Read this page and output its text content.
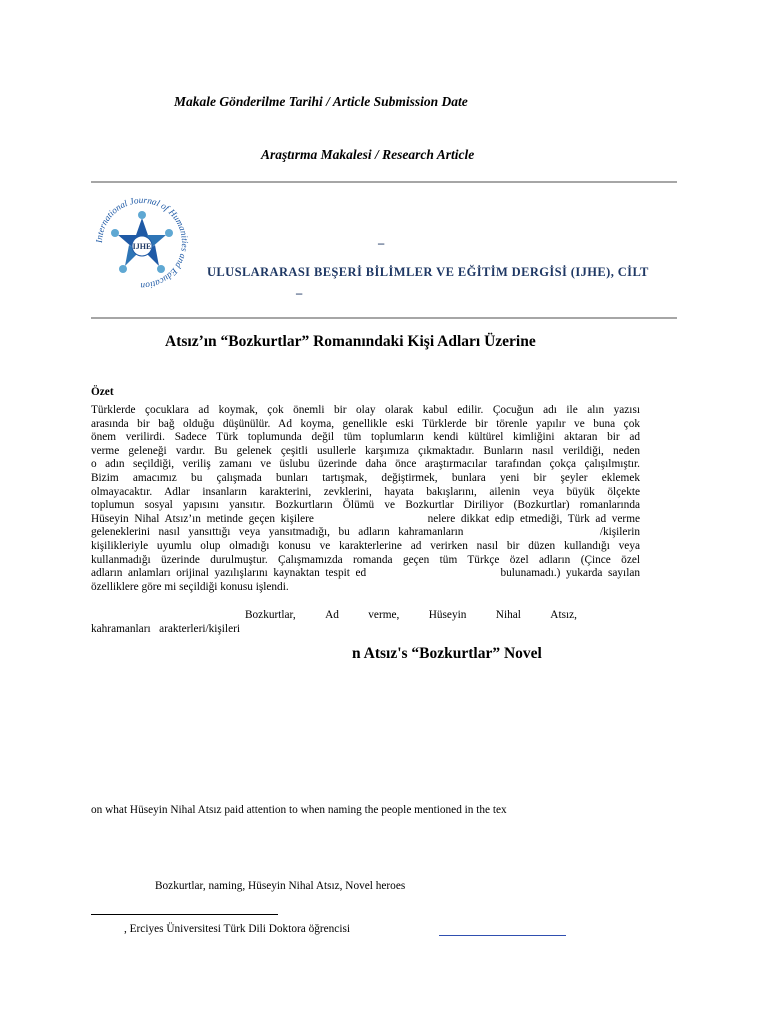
Makale Gönderilme Tarihi / Article Submission Date
Araştırma Makalesi / Research Article
International Journal of Humanities and Education
IJHE	–
ULUSLARARASI BEŞERİ BİLİMLER VE EĞİTİM DERGİSİ (IJHE), CİLT
–
Atsız’ın “Bozkurtlar” Romanındaki Kişi Adları Üzerine
Özet
Türklerde çocuklara ad koymak, çok önemli bir olay olarak kabul edilir. Çocuğun adı ile alın yazısı
arasında bir bağ olduğu düşünülür. Ad koyma, genellikle eski Türklerde bir törenle yapılır ve buna çok
önem verilirdi. Sadece Türk toplumunda değil tüm toplumların kendi kültürel kimliğini aktaran bir ad
verme geleneği vardır. Bu gelenek çeşitli usullerle karşımıza çıkmaktadır. Bunların nasıl verildiği, neden
o adın seçildiği, veriliş zamanı ve üslubu üzerinde daha önce araştırmacılar tarafından çokça çalışılmıştır.
Bizim amacımız bu çalışmada bunları tartışmak, değiştirmek, bunlara yeni bir şeyler eklemek
olmayacaktır. Adlar insanların karakterini, zevklerini, hayata bakışlarını, ailenin veya büyük ölçekte
toplumun sosyal yapısını yansıtır. Bozkurtların Ölümü ve Bozkurtlar Diriliyor (Bozkurtlar) romanlarında
Hüseyin Nihal Atsız’ın metinde geçen kişilere                    nelere dikkat edip etmediği, Türk ad verme
geleneklerini nasıl yansıttığı veya yansıtmadığı, bu adların kahramanların                /kişilerin
kişilikleriyle uyumlu olup olmadığı konusu ve karakterlerine ad verirken nasıl bir düzen kullandığı veya
kullanmadığı üzerinde durulmuştur. Çalışmamızda romanda geçen tüm Türkçe özel adların (Çince özel
adların anlamları orijinal yazılışlarını kaynaktan tespit ed                        bulunamadı.) yukarda sayılan
özelliklere göre mi seçildiği konusu işlendi.
Bozkurtlar,	Ad	verme,	Hüseyin	Nihal	Atsız,
kahramanları   arakterleri/kişileri
n Atsız's “Bozkurtlar” Novel
on what Hüseyin Nihal Atsız paid attention to when naming the people mentioned in the tex
Bozkurtlar, naming, Hüseyin Nihal Atsız, Novel heroes
, Erciyes Üniversitesi Türk Dili Doktora öğrencisi
